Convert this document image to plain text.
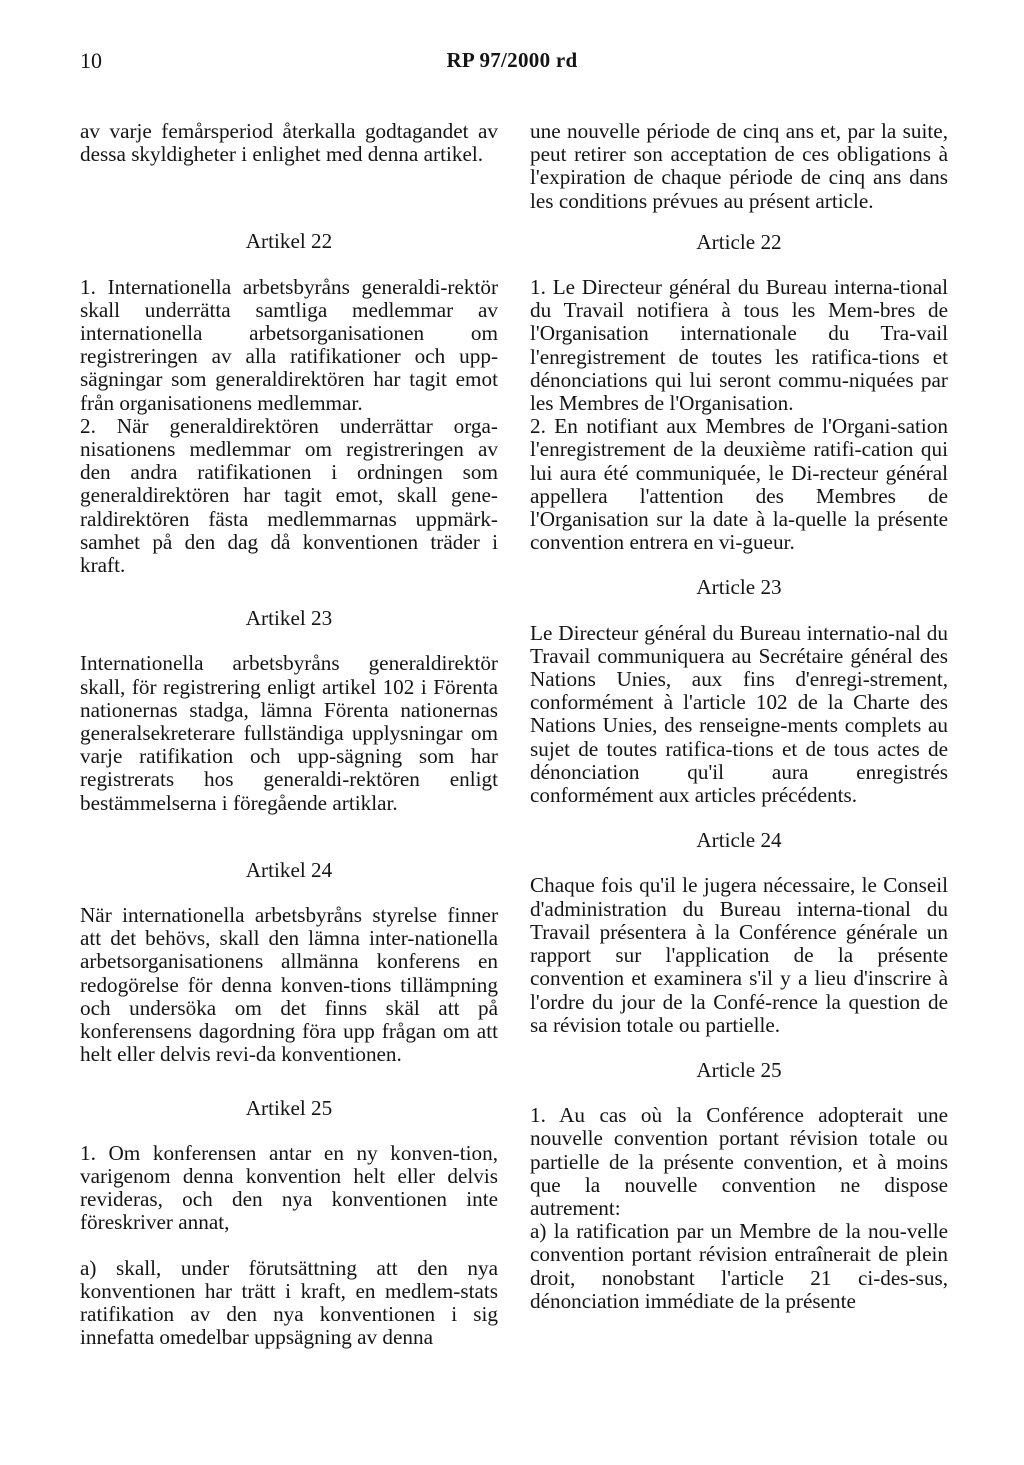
10	RP 97/2000 rd

av varje femårsperiod återkalla godtagandet av dessa skyldigheter i enlighet med denna artikel.

Artikel 22

1. Internationella arbetsbyråns generaldi-rektör skall underrätta samtliga medlemmar av internationella arbetsorganisationen om registreringen av alla ratifikationer och upp-sägningar som generaldirektören har tagit emot från organisationens medlemmar.

2. När generaldirektören underrättar orga-nisationens medlemmar om registreringen av den andra ratifikationen i ordningen som generaldirektören har tagit emot, skall gene-raldirektören fästa medlemmarnas uppmärk-samhet på den dag då konventionen träder i kraft.

Artikel 23

Internationella arbetsbyråns generaldirektör skall, för registrering enligt artikel 102 i Förenta nationernas stadga, lämna Förenta nationernas generalsekreterare fullständiga upplysningar om varje ratifikation och upp-sägning som har registrerats hos generaldi-rektören enligt bestämmelserna i föregående artiklar.

Artikel 24

När internationella arbetsbyråns styrelse finner att det behövs, skall den lämna inter-nationella arbetsorganisationens allmänna konferens en redogörelse för denna konven-tions tillämpning och undersöka om det finns skäl att på konferensens dagordning föra upp frågan om att helt eller delvis revi-da konventionen.

Artikel 25

1. Om konferensen antar en ny konven-tion, varigenom denna konvention helt eller delvis revideras, och den nya konventionen inte föreskriver annat,

a) skall, under förutsättning att den nya konventionen har trätt i kraft, en medlem-stats ratifikation av den nya konventionen i sig innefatta omedelbar uppsägning av denna

une nouvelle période de cinq ans et, par la suite, peut retirer son acceptation de ces obligations à l'expiration de chaque période de cinq ans dans les conditions prévues au présent article.

Article 22

1. Le Directeur général du Bureau interna-tional du Travail notifiera à tous les Mem-bres de l'Organisation internationale du Tra-vail l'enregistrement de toutes les ratifica-tions et dénonciations qui lui seront commu-niquées par les Membres de l'Organisation.

2. En notifiant aux Membres de l'Organi-sation l'enregistrement de la deuxième ratifi-cation qui lui aura été communiquée, le Di-recteur général appellera l'attention des Membres de l'Organisation sur la date à la-quelle la présente convention entrera en vi-gueur.

Article 23

Le Directeur général du Bureau internatio-nal du Travail communiquera au Secrétaire général des Nations Unies, aux fins d'enregi-strement, conformément à l'article 102 de la Charte des Nations Unies, des renseigne-ments complets au sujet de toutes ratifica-tions et de tous actes de dénonciation qu'il aura enregistrés conformément aux articles précédents.

Article 24

Chaque fois qu'il le jugera nécessaire, le Conseil d'administration du Bureau interna-tional du Travail présentera à la Conférence générale un rapport sur l'application de la présente convention et examinera s'il y a lieu d'inscrire à l'ordre du jour de la Confé-rence la question de sa révision totale ou partielle.

Article 25

1. Au cas où la Conférence adopterait une nouvelle convention portant révision totale ou partielle de la présente convention, et à moins que la nouvelle convention ne dispose autrement:

a) la ratification par un Membre de la nou-velle convention portant révision entraînerait de plein droit, nonobstant l'article 21 ci-des-sus, dénonciation immédiate de la présente
